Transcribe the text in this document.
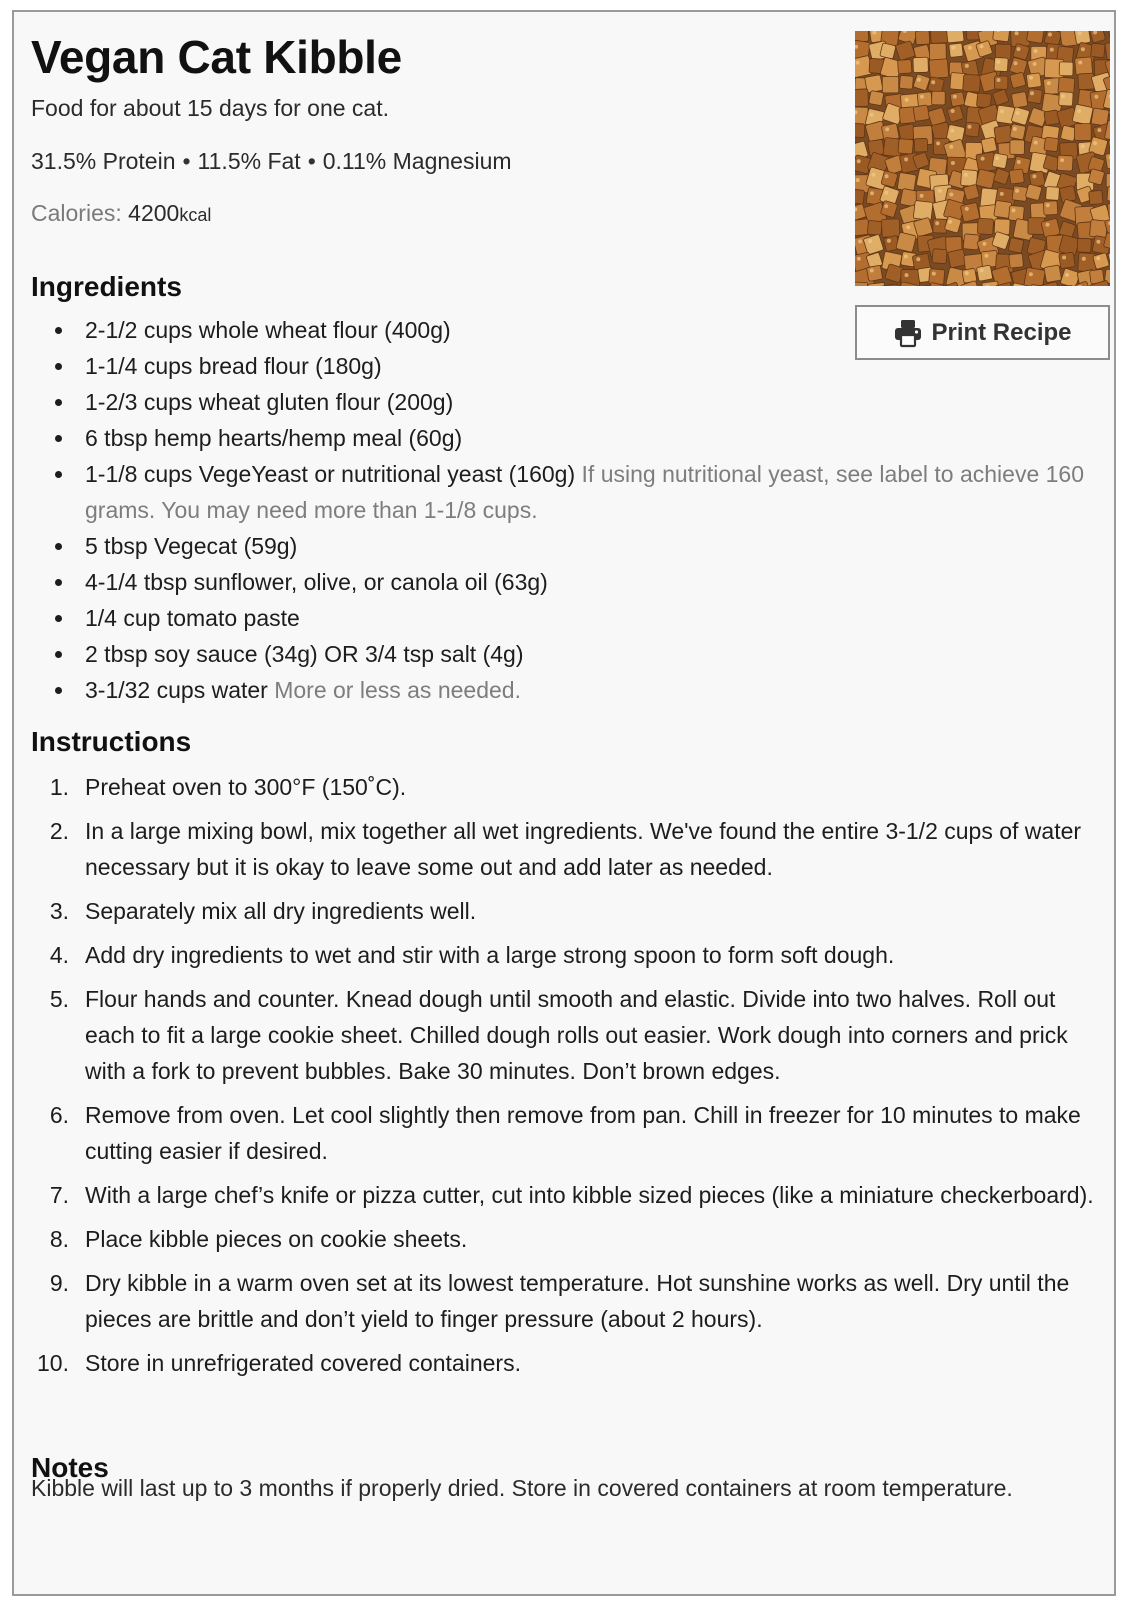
Vegan Cat Kibble
Food for about 15 days for one cat.
31.5% Protein • 11.5% Fat • 0.11% Magnesium
Calories: 4200kcal
Print Recipe
Ingredients
2-1/2 cups whole wheat flour (400g)
1-1/4 cups bread flour (180g)
1-2/3 cups wheat gluten flour (200g)
6 tbsp hemp hearts/hemp meal (60g)
1-1/8 cups VegeYeast or nutritional yeast (160g) If using nutritional yeast, see label to achieve 160 grams. You may need more than 1-1/8 cups.
5 tbsp Vegecat (59g)
4-1/4 tbsp sunflower, olive, or canola oil (63g)
1/4 cup tomato paste
2 tbsp soy sauce (34g) OR 3/4 tsp salt (4g)
3-1/32 cups water More or less as needed.
Instructions
1. Preheat oven to 300°F (150˚C).
2. In a large mixing bowl, mix together all wet ingredients. We've found the entire 3-1/2 cups of water necessary but it is okay to leave some out and add later as needed.
3. Separately mix all dry ingredients well.
4. Add dry ingredients to wet and stir with a large strong spoon to form soft dough.
5. Flour hands and counter. Knead dough until smooth and elastic. Divide into two halves. Roll out each to fit a large cookie sheet. Chilled dough rolls out easier. Work dough into corners and prick with a fork to prevent bubbles. Bake 30 minutes. Don’t brown edges.
6. Remove from oven. Let cool slightly then remove from pan. Chill in freezer for 10 minutes to make cutting easier if desired.
7. With a large chef’s knife or pizza cutter, cut into kibble sized pieces (like a miniature checkerboard).
8. Place kibble pieces on cookie sheets.
9. Dry kibble in a warm oven set at its lowest temperature. Hot sunshine works as well. Dry until the pieces are brittle and don’t yield to finger pressure (about 2 hours).
10. Store in unrefrigerated covered containers.
Notes
Kibble will last up to 3 months if properly dried. Store in covered containers at room temperature.
